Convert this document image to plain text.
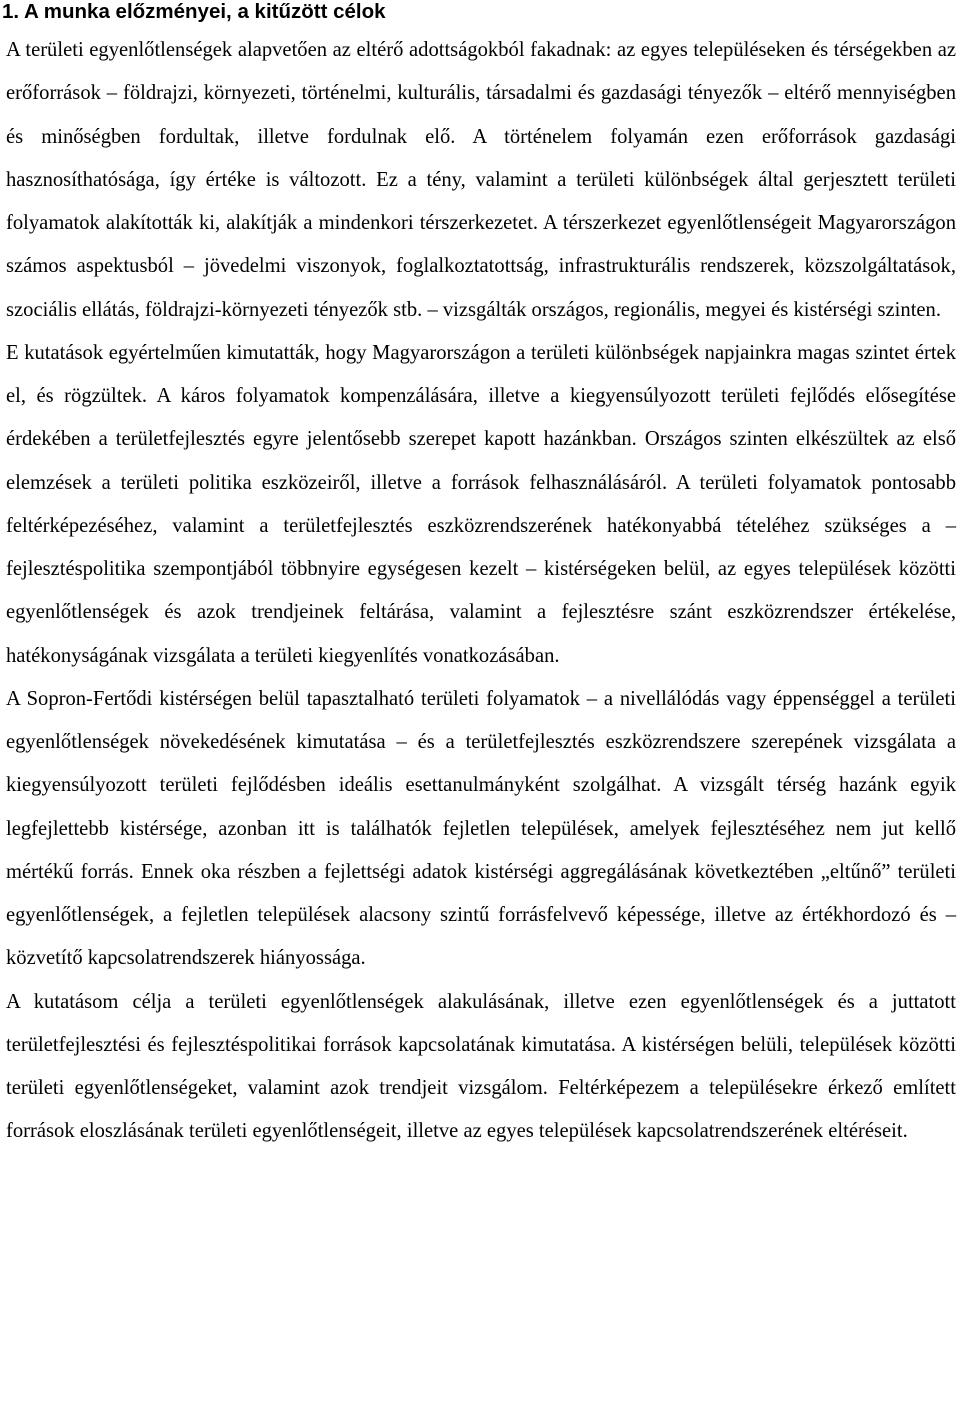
1. A munka előzményei, a kitűzött célok

A területi egyenlőtlenségek alapvetően az eltérő adottságokból fakadnak: az egyes településeken és térségekben az erőforrások – földrajzi, környezeti, történelmi, kulturális, társadalmi és gazdasági tényezők – eltérő mennyiségben és minőségben fordultak, illetve fordulnak elő. A történelem folyamán ezen erőforrások gazdasági hasznosíthatósága, így értéke is változott. Ez a tény, valamint a területi különbségek által gerjesztett területi folyamatok alakították ki, alakítják a mindenkori térszerkezetet. A térszerkezet egyenlőtlenségeit Magyarországon számos aspektusból – jövedelmi viszonyok, foglalkoztatottság, infrastrukturális rendszerek, közszolgáltatások, szociális ellátás, földrajzi-környezeti tényezők stb. – vizsgálták országos, regionális, megyei és kistérségi szinten.

E kutatások egyértelműen kimutatták, hogy Magyarországon a területi különbségek napjainkra magas szintet értek el, és rögzültek. A káros folyamatok kompenzálására, illetve a kiegyensúlyozott területi fejlődés elősegítése érdekében a területfejlesztés egyre jelentősebb szerepet kapott hazánkban. Országos szinten elkészültek az első elemzések a területi politika eszközeiről, illetve a források felhasználásáról. A területi folyamatok pontosabb feltérképezéséhez, valamint a területfejlesztés eszközrendszerének hatékonyabbá tételéhez szükséges a – fejlesztéspolitika szempontjából többnyire egységesen kezelt – kistérségeken belül, az egyes települések közötti egyenlőtlenségek és azok trendjeinek feltárása, valamint a fejlesztésre szánt eszközrendszer értékelése, hatékonyságának vizsgálata a területi kiegyenlítés vonatkozásában.

A Sopron-Fertődi kistérségen belül tapasztalható területi folyamatok – a nivellálódás vagy éppenséggel a területi egyenlőtlenségek növekedésének kimutatása – és a területfejlesztés eszközrendszere szerepének vizsgálata a kiegyensúlyozott területi fejlődésben ideális esettanulmányként szolgálhat. A vizsgált térség hazánk egyik legfejlettebb kistérsége, azonban itt is találhatók fejletlen települések, amelyek fejlesztéséhez nem jut kellő mértékű forrás. Ennek oka részben a fejlettségi adatok kistérségi aggregálásának következtében „eltűnő” területi egyenlőtlenségek, a fejletlen települések alacsony szintű forrásfelvevő képessége, illetve az értékhordozó és –közvetítő kapcsolatrendszerek hiányossága.

A kutatásom célja a területi egyenlőtlenségek alakulásának, illetve ezen egyenlőtlenségek és a juttatott területfejlesztési és fejlesztéspolitikai források kapcsolatának kimutatása. A kistérségen belüli, települések közötti területi egyenlőtlenségeket, valamint azok trendjeit vizsgálom. Feltérképezem a településekre érkező említett források eloszlásának területi egyenlőtlenségeit, illetve az egyes települések kapcsolatrendszerének eltéréseit.
